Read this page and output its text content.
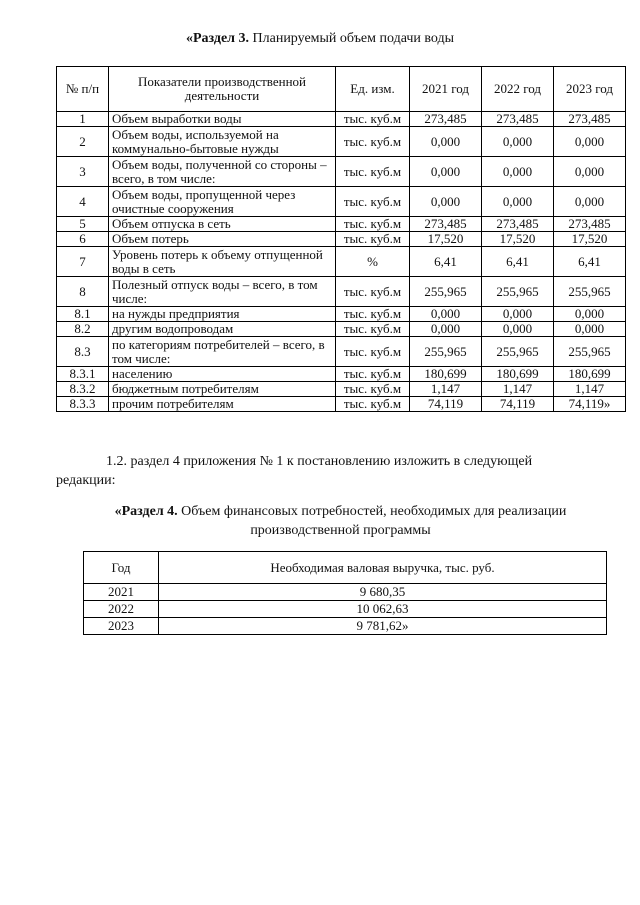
«Раздел 3. Планируемый объем подачи воды
№ п/п	Показатели производственной деятельности	Ед. изм.	2021 год	2022 год	2023 год
1	Объем выработки воды	тыс. куб.м	273,485	273,485	273,485
2	Объем воды, используемой на коммунально-бытовые нужды	тыс. куб.м	0,000	0,000	0,000
3	Объем воды, полученной со стороны – всего, в том числе:	тыс. куб.м	0,000	0,000	0,000
4	Объем воды, пропущенной через очистные сооружения	тыс. куб.м	0,000	0,000	0,000
5	Объем отпуска в сеть	тыс. куб.м	273,485	273,485	273,485
6	Объем потерь	тыс. куб.м	17,520	17,520	17,520
7	Уровень потерь к объему отпущенной воды в сеть	%	6,41	6,41	6,41
8	Полезный отпуск воды – всего, в том числе:	тыс. куб.м	255,965	255,965	255,965
8.1	на нужды предприятия	тыс. куб.м	0,000	0,000	0,000
8.2	другим водопроводам	тыс. куб.м	0,000	0,000	0,000
8.3	по категориям потребителей – всего, в том числе:	тыс. куб.м	255,965	255,965	255,965
8.3.1	населению	тыс. куб.м	180,699	180,699	180,699
8.3.2	бюджетным потребителям	тыс. куб.м	1,147	1,147	1,147
8.3.3	прочим потребителям	тыс. куб.м	74,119	74,119	74,119»
1.2. раздел 4 приложения № 1 к постановлению изложить в следующей
редакции:
«Раздел 4. Объем финансовых потребностей, необходимых для реализации
производственной программы
Год	Необходимая валовая выручка, тыс. руб.
2021	9 680,35
2022	10 062,63
2023	9 781,62»
